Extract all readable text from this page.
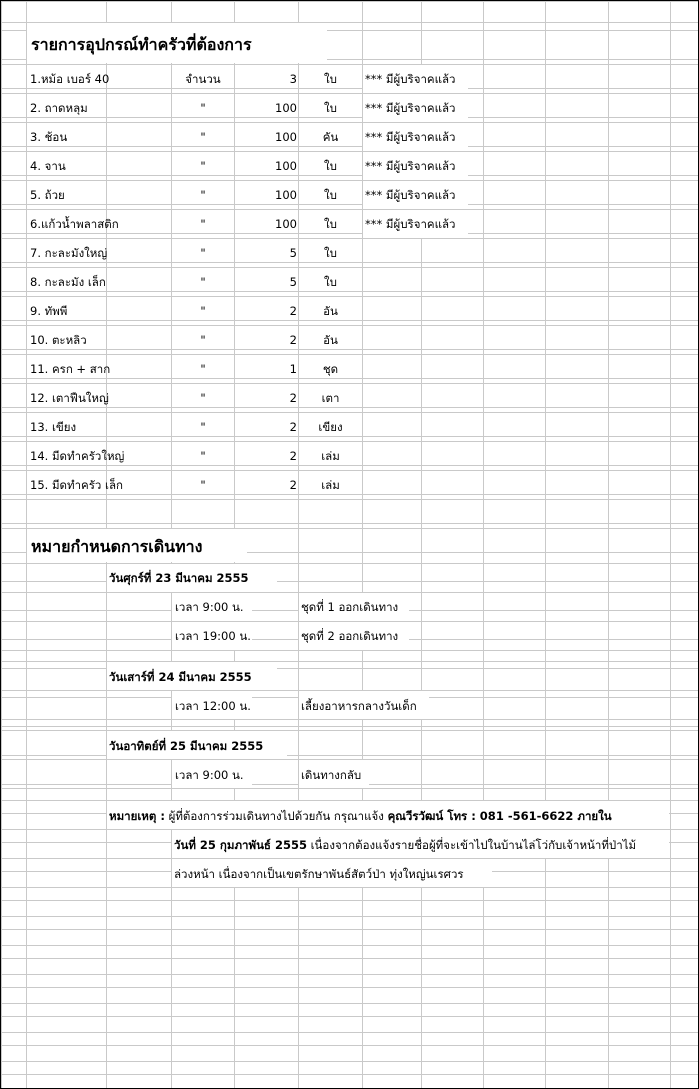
รายการอุปกรณ์ทำครัวที่ต้องการ
1.หม้อ เบอร์ 40	จำนวน	3	ใบ	*** มีผู้บริจาคแล้ว
2. ถาดหลุม	"	100	ใบ	*** มีผู้บริจาคแล้ว
3. ช้อน	"	100	คัน	*** มีผู้บริจาคแล้ว
4. จาน	"	100	ใบ	*** มีผู้บริจาคแล้ว
5. ถ้วย	"	100	ใบ	*** มีผู้บริจาคแล้ว
6.แก้วน้ำพลาสติก	"	100	ใบ	*** มีผู้บริจาคแล้ว
7. กะละมังใหญ่	"	5	ใบ
8. กะละมัง เล็ก	"	5	ใบ
9. ทัพพี	"	2	อัน
10. ตะหลิว	"	2	อัน
11. ครก + สาก	"	1	ชุด
12. เตาฟืนใหญ่	"	2	เตา
13. เขียง	"	2	เขียง
14. มีดทำครัวใหญ่	"	2	เล่ม
15. มีดทำครัว เล็ก	"	2	เล่ม
หมายกำหนดการเดินทาง
วันศุกร์ที่ 23 มีนาคม 2555
เวลา 9:00 น.	ชุดที่ 1 ออกเดินทาง
เวลา 19:00 น.	ชุดที่ 2 ออกเดินทาง
วันเสาร์ที่ 24 มีนาคม 2555
เวลา 12:00 น.	เลี้ยงอาหารกลางวันเด็ก
วันอาทิตย์ที่ 25 มีนาคม 2555
เวลา 9:00 น.	เดินทางกลับ
หมายเหตุ : ผู้ที่ต้องการร่วมเดินทางไปด้วยกัน กรุณาแจ้ง คุณวีรวัฒน์ โทร : 081 -561-6622 ภายใน
วันที่ 25 กุมภาพันธ์ 2555 เนื่องจากต้องแจ้งรายชื่อผู้ที่จะเข้าไปในบ้านไล่โว่กับเจ้าหน้าที่ป่าไม้
ล่วงหน้า เนื่องจากเป็นเขตรักษาพันธ์สัตว์ป่า ทุ่งใหญ่นเรศวร
